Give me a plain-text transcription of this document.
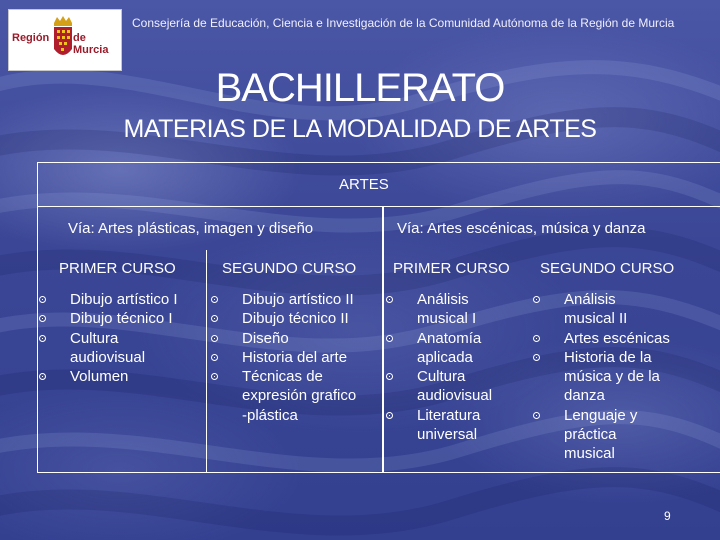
Región de Murcia
Consejería de Educación, Ciencia e Investigación de la Comunidad Autónoma de la Región de Murcia
BACHILLERATO
MATERIAS DE LA MODALIDAD DE ARTES
ARTES
Vía: Artes plásticas, imagen y diseño	Vía: Artes escénicas, música y danza
PRIMER CURSO	SEGUNDO CURSO PRIMER CURSO SEGUNDO CURSO
Dibujo artístico I
Dibujo técnico I
Cultura
audiovisual
Volumen
Dibujo artístico II
Dibujo técnico II
Diseño
Historia del arte
Técnicas de
expresión grafico
-plástica
Análisis
musical I
Anatomía
aplicada
Cultura
audiovisual
Literatura
universal
Análisis
musical II
Artes escénicas
Historia de la
música y de la
danza
Lenguaje y
práctica
musical
9
